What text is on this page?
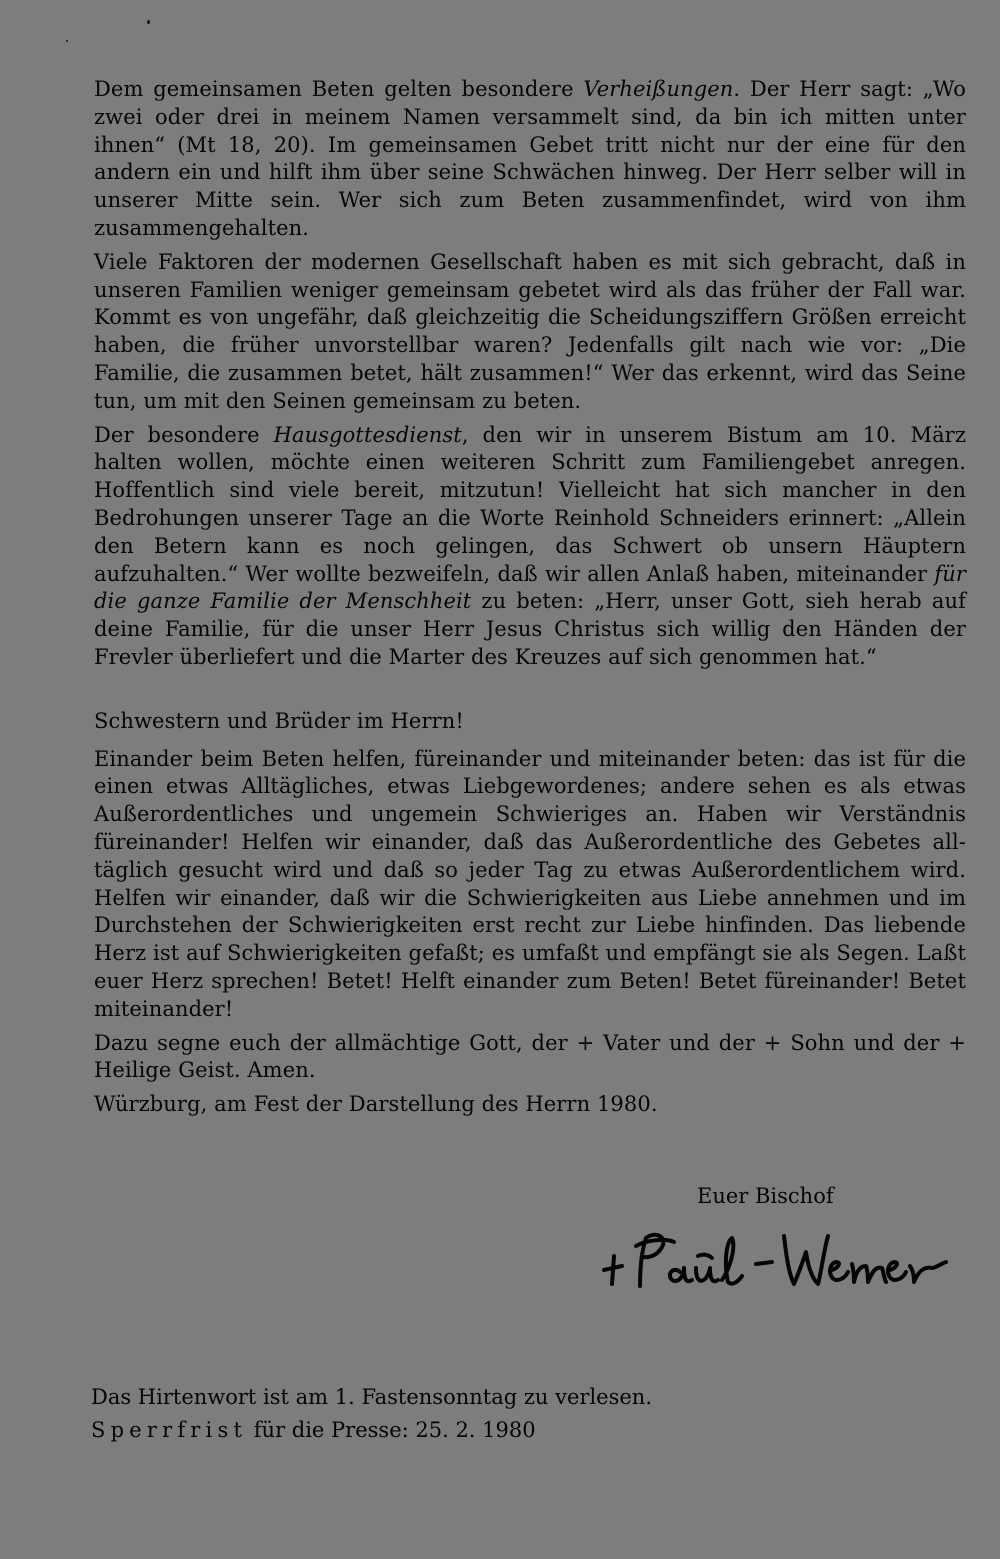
Dem gemeinsamen Beten gelten besondere Verheißungen. Der Herr sagt: „Wo zwei oder drei in meinem Namen versammelt sind, da bin ich mitten unter ihnen“ (Mt 18, 20). Im gemeinsamen Gebet tritt nicht nur der eine für den andern ein und hilft ihm über seine Schwächen hinweg. Der Herr selber will in unserer Mitte sein. Wer sich zum Beten zusammenfindet, wird von ihm zusammengehalten.

Viele Faktoren der modernen Gesellschaft haben es mit sich gebracht, daß in unseren Familien weniger gemeinsam gebetet wird als das früher der Fall war. Kommt es von ungefähr, daß gleichzeitig die Scheidungsziffern Größen erreicht haben, die früher unvorstellbar waren? Jedenfalls gilt nach wie vor: „Die Familie, die zusammen betet, hält zusammen!“ Wer das erkennt, wird das Seine tun, um mit den Seinen gemeinsam zu beten.

Der besondere Hausgottesdienst, den wir in unserem Bistum am 10. März halten wollen, möchte einen weiteren Schritt zum Familiengebet anregen. Hoffentlich sind viele bereit, mitzutun! Vielleicht hat sich mancher in den Bedrohungen unserer Tage an die Worte Reinhold Schneiders erinnert: „Allein den Betern kann es noch gelingen, das Schwert ob unsern Häuptern aufzuhalten.“ Wer wollte bezweifeln, daß wir allen Anlaß haben, miteinander für die ganze Familie der Menschheit zu beten: „Herr, unser Gott, sieh herab auf deine Familie, für die unser Herr Jesus Christus sich willig den Händen der Frevler überliefert und die Marter des Kreuzes auf sich genommen hat.“

Schwestern und Brüder im Herrn!

Einander beim Beten helfen, füreinander und miteinander beten: das ist für die einen etwas Alltägliches, etwas Liebgewordenes; andere sehen es als etwas Außerordentliches und ungemein Schwieriges an. Haben wir Verständnis füreinander! Helfen wir einander, daß das Außerordentliche des Gebetes all-täglich gesucht wird und daß so jeder Tag zu etwas Außerordentlichem wird. Helfen wir einander, daß wir die Schwierigkeiten aus Liebe annehmen und im Durchstehen der Schwierigkeiten erst recht zur Liebe hinfinden. Das liebende Herz ist auf Schwierigkeiten gefaßt; es umfaßt und empfängt sie als Segen. Laßt euer Herz sprechen! Betet! Helft einander zum Beten! Betet füreinander! Betet miteinander!

Dazu segne euch der allmächtige Gott, der + Vater und der + Sohn und der + Heilige Geist. Amen.

Würzburg, am Fest der Darstellung des Herrn 1980.

Euer Bischof
Das Hirtenwort ist am 1. Fastensonntag zu verlesen.
Sperrfrist für die Presse: 25. 2. 1980
